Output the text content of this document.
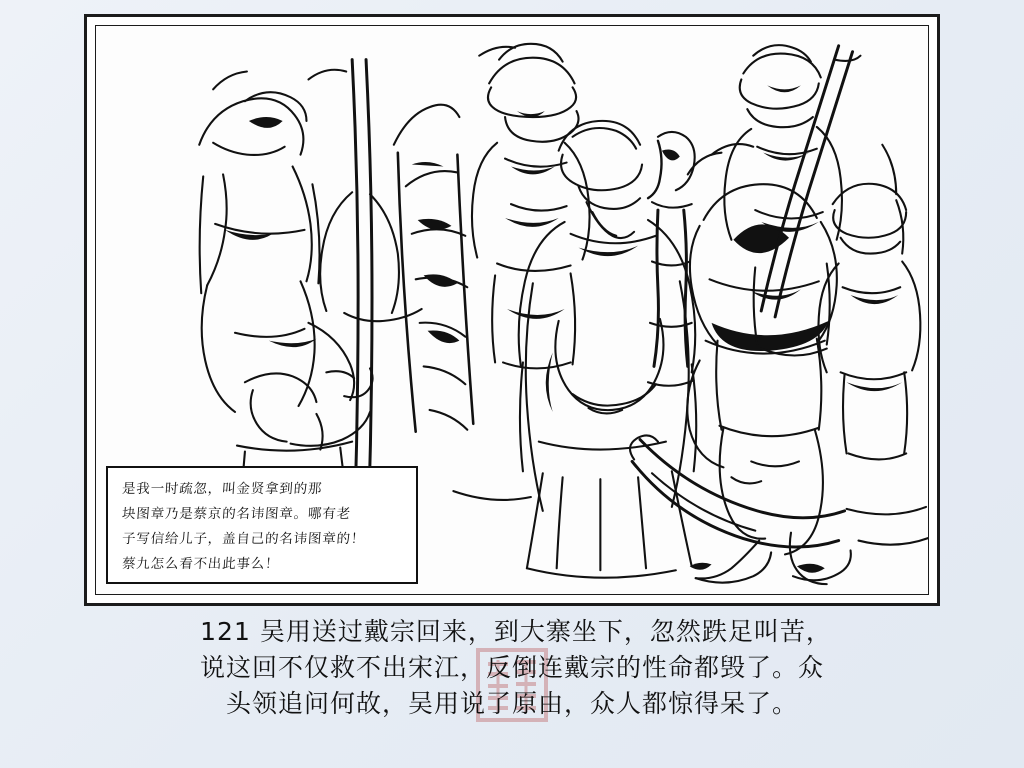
是我一时疏忽，叫金贤拿到的那
块图章乃是蔡京的名讳图章。哪有老
子写信给儿子，盖自己的名讳图章的！
蔡九怎么看不出此事么！
121 吴用送过戴宗回来，到大寨坐下，忽然跌足叫苦，
说这回不仅救不出宋江，反倒连戴宗的性命都毁了。众
头领追问何故，吴用说了原由，众人都惊得呆了。
